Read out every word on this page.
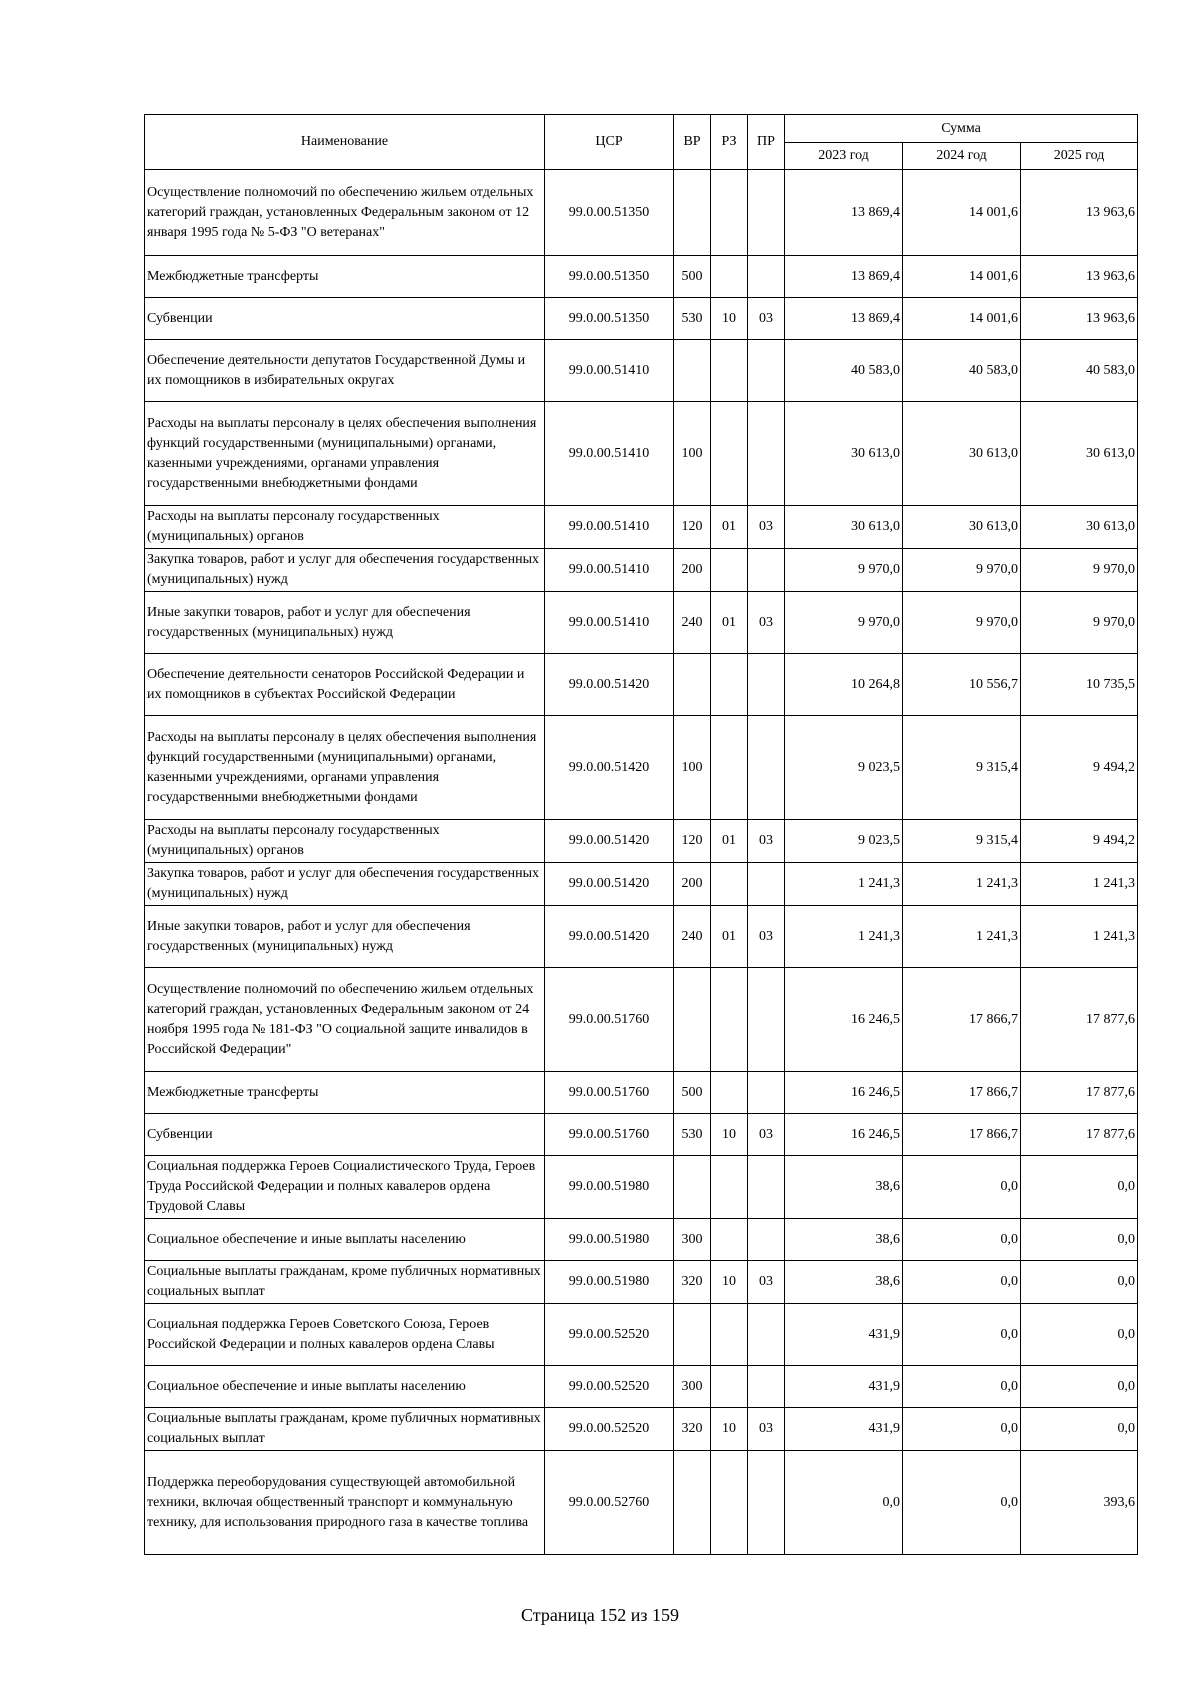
Наименование	ЦСР	ВР	РЗ	ПР	Сумма		
					2023 год	2024 год	2025 год
Осуществление полномочий по обеспечению жильем отдельных категорий граждан, установленных Федеральным законом от 12 января 1995 года № 5-ФЗ "О ветеранах"	99.0.00.51350				13 869,4	14 001,6	13 963,6
Межбюджетные трансферты	99.0.00.51350	500			13 869,4	14 001,6	13 963,6
Субвенции	99.0.00.51350	530	10	03	13 869,4	14 001,6	13 963,6
Обеспечение деятельности депутатов Государственной Думы и их помощников в избирательных округах	99.0.00.51410				40 583,0	40 583,0	40 583,0
Расходы на выплаты персоналу в целях обеспечения выполнения функций государственными (муниципальными) органами, казенными учреждениями, органами управления государственными внебюджетными фондами	99.0.00.51410	100			30 613,0	30 613,0	30 613,0
Расходы на выплаты персоналу государственных (муниципальных) органов	99.0.00.51410	120	01	03	30 613,0	30 613,0	30 613,0
Закупка товаров, работ и услуг для обеспечения государственных (муниципальных) нужд	99.0.00.51410	200			9 970,0	9 970,0	9 970,0
Иные закупки товаров, работ и услуг для обеспечения государственных (муниципальных) нужд	99.0.00.51410	240	01	03	9 970,0	9 970,0	9 970,0
Обеспечение деятельности сенаторов Российской Федерации и их помощников в субъектах Российской Федерации	99.0.00.51420				10 264,8	10 556,7	10 735,5
Расходы на выплаты персоналу в целях обеспечения выполнения функций государственными (муниципальными) органами, казенными учреждениями, органами управления государственными внебюджетными фондами	99.0.00.51420	100			9 023,5	9 315,4	9 494,2
Расходы на выплаты персоналу государственных (муниципальных) органов	99.0.00.51420	120	01	03	9 023,5	9 315,4	9 494,2
Закупка товаров, работ и услуг для обеспечения государственных (муниципальных) нужд	99.0.00.51420	200			1 241,3	1 241,3	1 241,3
Иные закупки товаров, работ и услуг для обеспечения государственных (муниципальных) нужд	99.0.00.51420	240	01	03	1 241,3	1 241,3	1 241,3
Осуществление полномочий по обеспечению жильем отдельных категорий граждан, установленных Федеральным законом от 24 ноября 1995 года № 181-ФЗ "О социальной защите инвалидов в Российской Федерации"	99.0.00.51760				16 246,5	17 866,7	17 877,6
Межбюджетные трансферты	99.0.00.51760	500			16 246,5	17 866,7	17 877,6
Субвенции	99.0.00.51760	530	10	03	16 246,5	17 866,7	17 877,6
Социальная поддержка Героев Социалистического Труда, Героев Труда Российской Федерации и полных кавалеров ордена Трудовой Славы	99.0.00.51980				38,6	0,0	0,0
Социальное обеспечение и иные выплаты населению	99.0.00.51980	300			38,6	0,0	0,0
Социальные выплаты гражданам, кроме публичных нормативных социальных выплат	99.0.00.51980	320	10	03	38,6	0,0	0,0
Социальная поддержка Героев Советского Союза, Героев Российской Федерации и полных кавалеров ордена Славы	99.0.00.52520				431,9	0,0	0,0
Социальное обеспечение и иные выплаты населению	99.0.00.52520	300			431,9	0,0	0,0
Социальные выплаты гражданам, кроме публичных нормативных социальных выплат	99.0.00.52520	320	10	03	431,9	0,0	0,0
Поддержка переоборудования существующей автомобильной техники, включая общественный транспорт и коммунальную технику, для использования природного газа в качестве топлива	99.0.00.52760				0,0	0,0	393,6
Страница 152 из 159
